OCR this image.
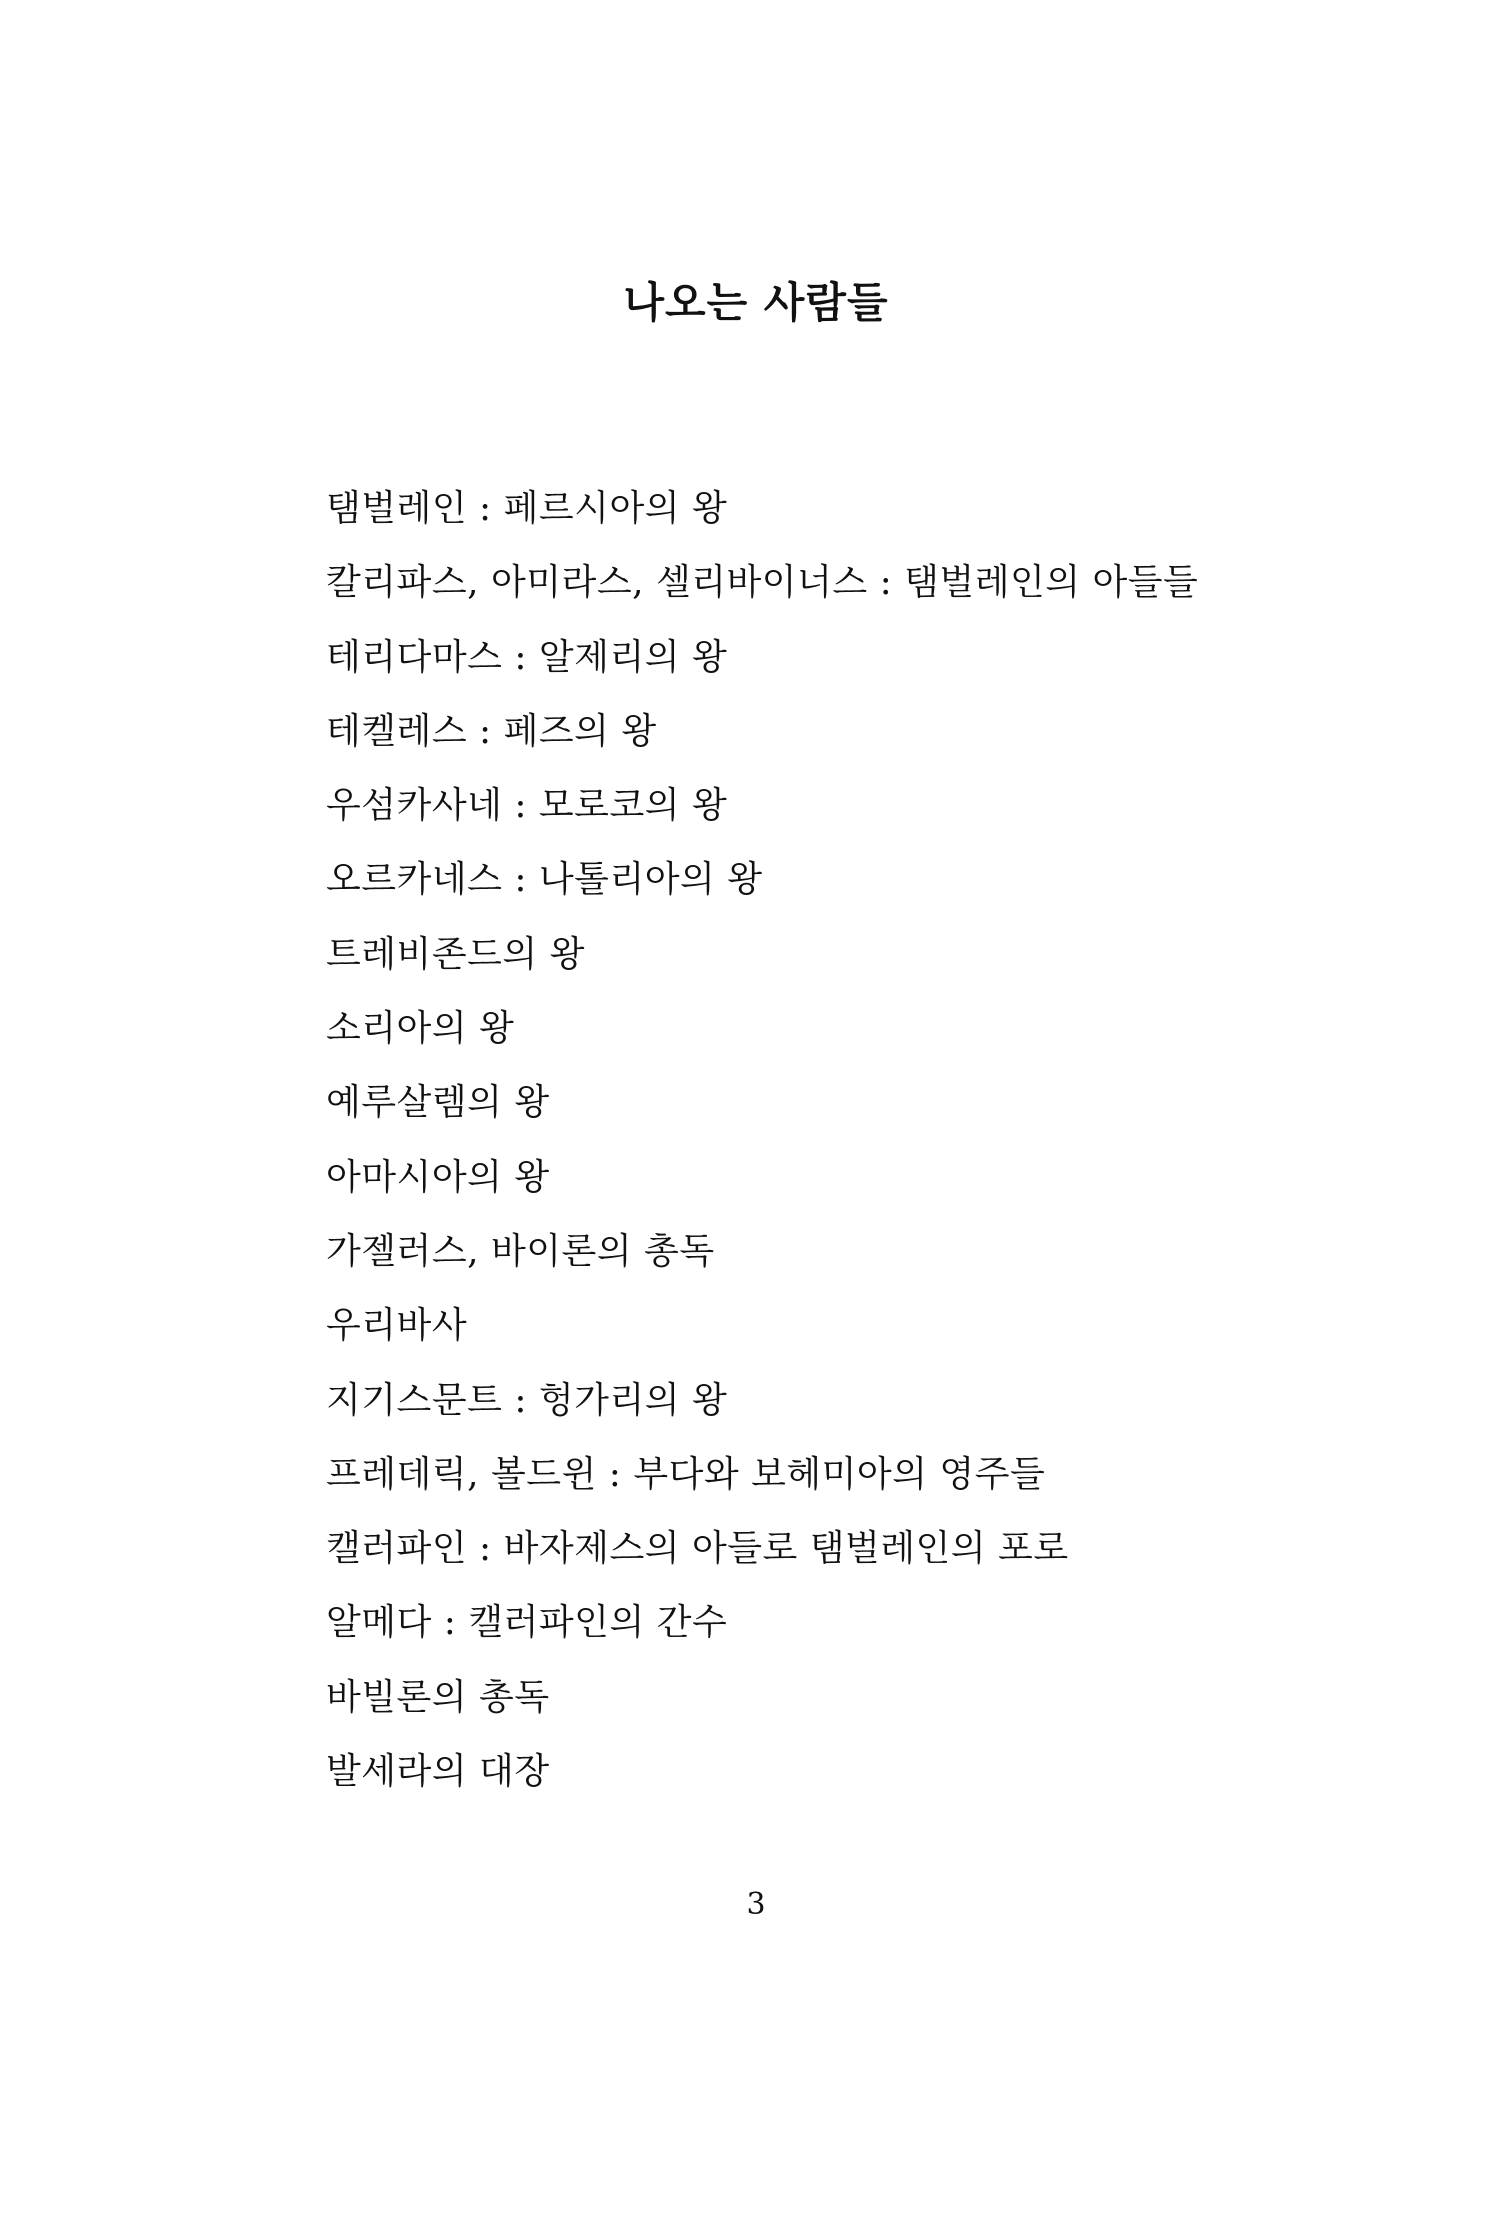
나오는 사람들
탬벌레인 : 페르시아의 왕
칼리파스, 아미라스, 셀리바이너스 : 탬벌레인의 아들들
테리다마스 : 알제리의 왕
테켈레스 : 페즈의 왕
우섬카사네 : 모로코의 왕
오르카네스 : 나톨리아의 왕
트레비존드의 왕
소리아의 왕
예루살렘의 왕
아마시아의 왕
가젤러스, 바이론의 총독
우리바사
지기스문트 : 헝가리의 왕
프레데릭, 볼드윈 : 부다와 보헤미아의 영주들
캘러파인 : 바자제스의 아들로 탬벌레인의 포로
알메다 : 캘러파인의 간수
바빌론의 총독
발세라의 대장
3
